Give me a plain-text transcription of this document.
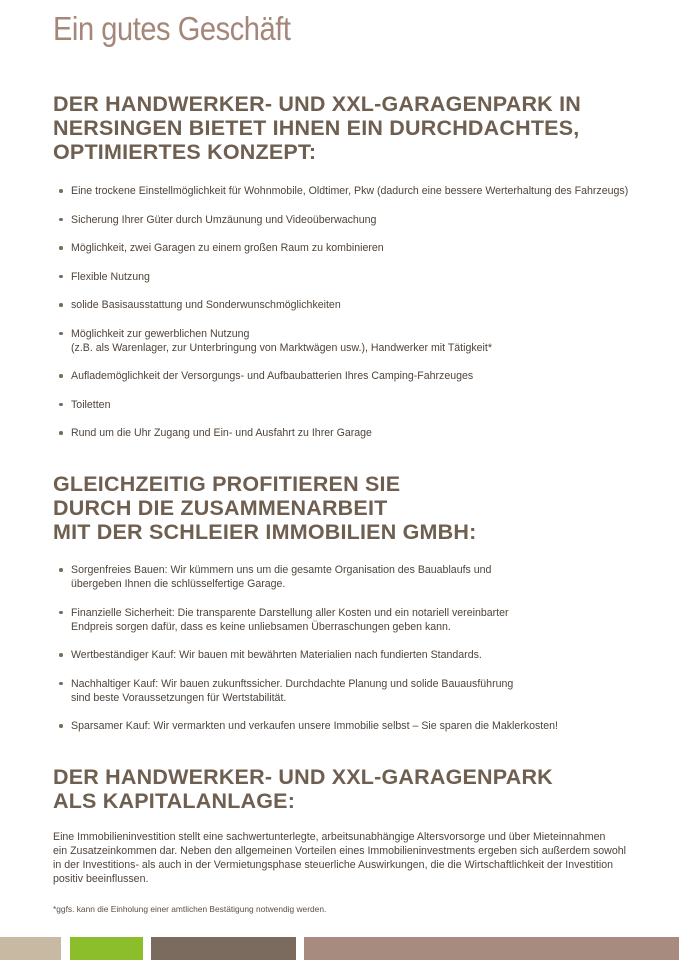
Ein gutes Geschäft
DER HANDWERKER- UND XXL-GARAGENPARK IN
NERSINGEN BIETET IHNEN EIN DURCHDACHTES,
OPTIMIERTES KONZEPT:
Eine trockene Einstellmöglichkeit für Wohnmobile, Oldtimer, Pkw (dadurch eine bessere Werterhaltung des Fahrzeugs)
Sicherung Ihrer Güter durch Umzäunung und Videoüberwachung
Möglichkeit, zwei Garagen zu einem großen Raum zu kombinieren
Flexible Nutzung
solide Basisausstattung und Sonderwunschmöglichkeiten
Möglichkeit zur gewerblichen Nutzung
(z.B. als Warenlager, zur Unterbringung von Marktwägen usw.), Handwerker mit Tätigkeit*
Auflademöglichkeit der Versorgungs- und Aufbaubatterien Ihres Camping-Fahrzeuges
Toiletten
Rund um die Uhr Zugang und Ein- und Ausfahrt zu Ihrer Garage
GLEICHZEITIG PROFITIEREN SIE
DURCH DIE ZUSAMMENARBEIT
MIT DER SCHLEIER IMMOBILIEN GMBH:
Sorgenfreies Bauen: Wir kümmern uns um die gesamte Organisation des Bauablaufs und
übergeben Ihnen die schlüsselfertige Garage.
Finanzielle Sicherheit: Die transparente Darstellung aller Kosten und ein notariell vereinbarter
Endpreis sorgen dafür, dass es keine unliebsamen Überraschungen geben kann.
Wertbeständiger Kauf: Wir bauen mit bewährten Materialien nach fundierten Standards.
Nachhaltiger Kauf: Wir bauen zukunftssicher. Durchdachte Planung und solide Bauausführung
sind beste Voraussetzungen für Wertstabilität.
Sparsamer Kauf: Wir vermarkten und verkaufen unsere Immobilie selbst – Sie sparen die Maklerkosten!
DER HANDWERKER- UND XXL-GARAGENPARK
ALS KAPITALANLAGE:

Eine Immobilieninvestition stellt eine sachwertunterlegte, arbeitsunabhängige Altersvorsorge und über Mieteinnahmen
ein Zusatzeinkommen dar. Neben den allgemeinen Vorteilen eines Immobilieninvestments ergeben sich außerdem sowohl
in der Investitions- als auch in der Vermietungsphase steuerliche Auswirkungen, die die Wirtschaftlichkeit der Investition
positiv beeinflussen.

*ggfs. kann die Einholung einer amtlichen Bestätigung notwendig werden.
